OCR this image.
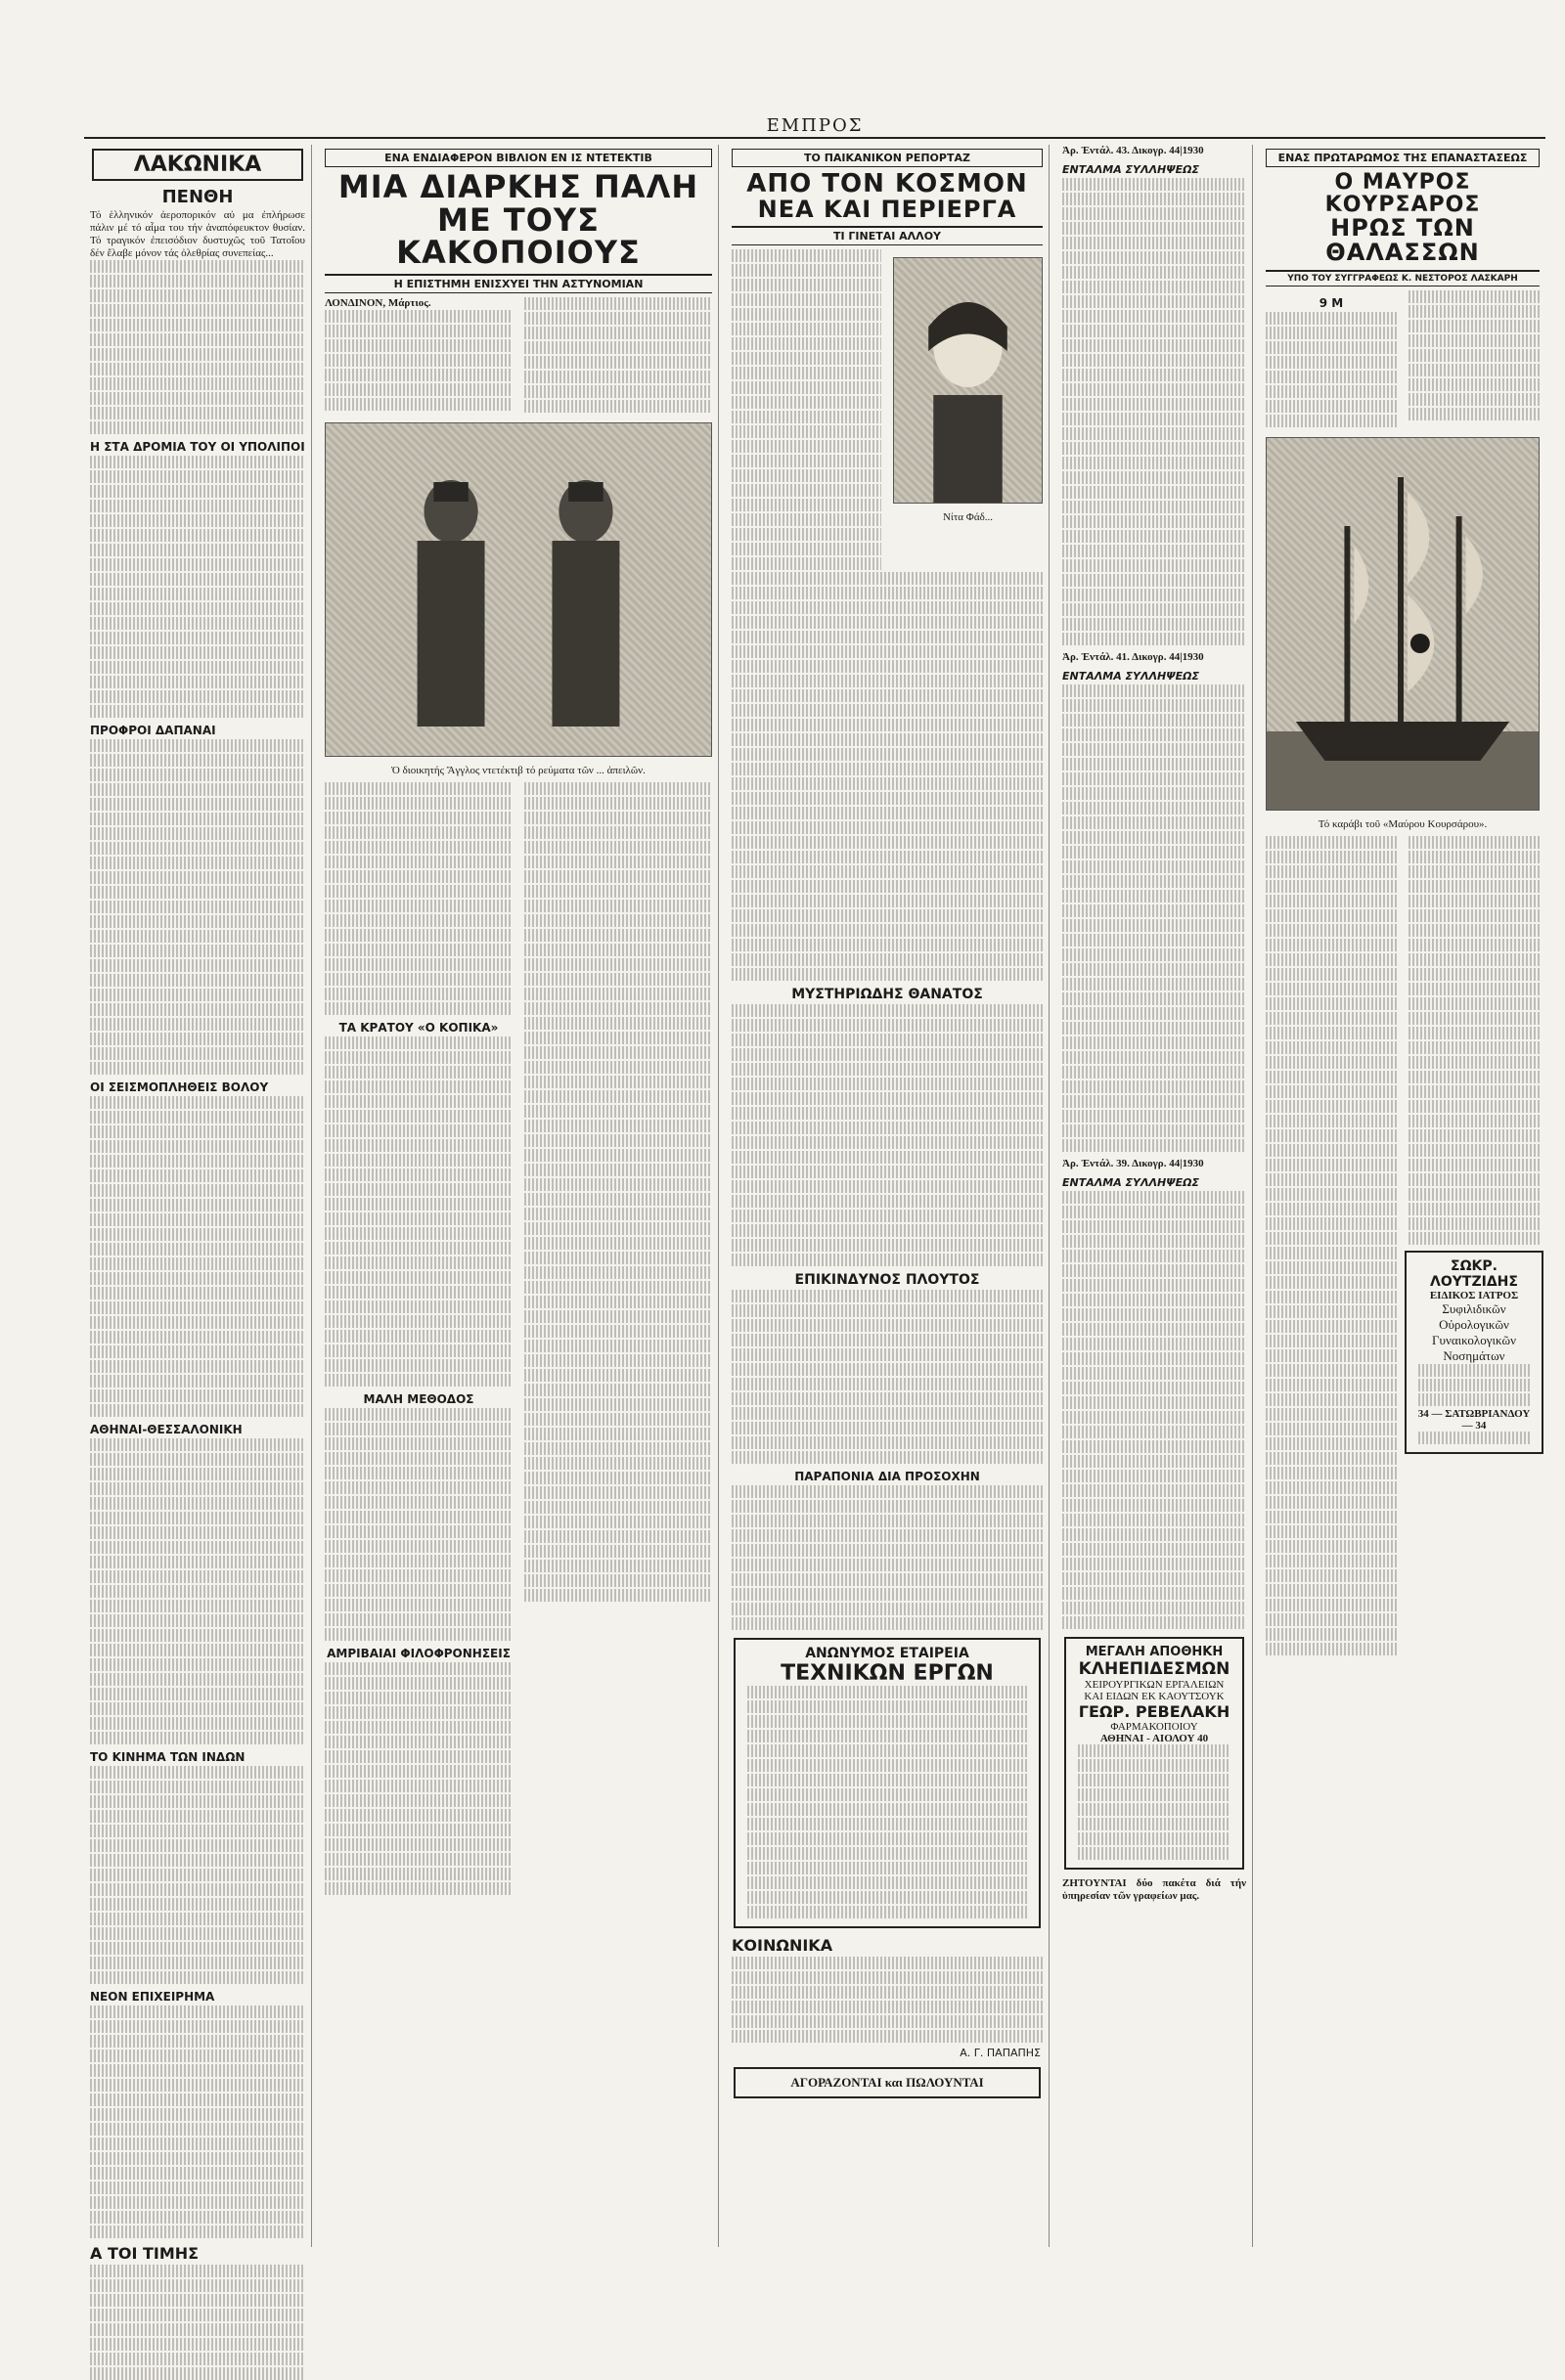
ΕΜΠΡΟΣ
ΛΑΚΩΝΙΚΑ
ΠΕΝΘΗ
Τό ἑλληνικόν ἀεροπορικόν αὐ μα ἐπλήρωσε πάλιν μέ τό αἷμα του τήν ἀναπόφευκτον θυσίαν. Τό τραγικόν ἐπεισόδιον δυστυχῶς τοῦ Τατοΐου δέν ἔλαβε μόνον τάς ὀλεθρίας συνεπείας...
Η ΣΤΑ ΔΡΟΜΙΑ ΤΟΥ ΟΙ ΥΠΟΛΙΠΟΙ
ΠΡΟΦΡΟΙ ΔΑΠΑΝΑΙ
ΟΙ ΣΕΙΣΜΟΠΛΗΘΕΙΣ ΒΟΛΟΥ
ΑΘΗΝΑΙ-ΘΕΣΣΑΛΟΝΙΚΗ
ΤΟ ΚΙΝΗΜΑ ΤΩΝ ΙΝΔΩΝ
ΝΕΟΝ ΕΠΙΧΕΙΡΗΜΑ
Α ΤΟΙ ΤΙΜΗΣ
ΕΝΑ ΕΝΔΙΑΦΕΡΟΝ ΒΙΒΛΙΟΝ ΕΝ ΙΣ ΝΤΕΤΕΚΤΙΒ
ΜΙΑ ΔΙΑΡΚΗΣ ΠΑΛΗ
ΜΕ ΤΟΥΣ ΚΑΚΟΠΟΙΟΥΣ
Η ΕΠΙΣΤΗΜΗ ΕΝΙΣΧΥΕΙ ΤΗΝ ΑΣΤΥΝΟΜΙΑΝ
ΛΟΝΔΙΝΟΝ, Μάρτιος.
Ὁ διοικητής Ἄγγλος ντετέκτιβ τό ρεύματα τῶν ... ἀπειλῶν.
ΤΑ ΚΡΑΤΟΥ «Ο ΚΟΠΙΚΑ»
ΜΑΛΗ ΜΕΘΟΔΟΣ
ΑΜΡΙΒΑΙΑΙ ΦΙΛΟΦΡΟΝΗΣΕΙΣ
ΤΟ ΠΑΙΚΑΝΙΚΟΝ ΡΕΠΟΡΤΑΖ
ΑΠΟ ΤΟΝ ΚΟΣΜΟΝ
ΝΕΑ ΚΑΙ ΠΕΡΙΕΡΓΑ
ΤΙ ΓΙΝΕΤΑΙ ΑΛΛΟΥ
Νίτα Φάδ...
ΜΥΣΤΗΡΙΩΔΗΣ ΘΑΝΑΤΟΣ
ΕΠΙΚΙΝΔΥΝΟΣ ΠΛΟΥΤΟΣ
ΠΑΡΑΠΟΝΙΑ ΔΙΑ ΠΡΟΣΟΧΗΝ
ΑΝΩΝΥΜΟΣ ΕΤΑΙΡΕΙΑ
ΤΕΧΝΙΚΩΝ ΕΡΓΩΝ
ΚΟΙΝΩΝΙΚΑ
Α. Γ. ΠΑΠΑΠΗΣ
ΑΓΟΡΑΖΟΝΤΑΙ και ΠΩΛΟΥΝΤΑΙ
Ἀρ. Ἐντάλ. 43. Δικογρ. 44|1930
ΕΝΤΑΛΜΑ ΣΥΛΛΗΨΕΩΣ
Ἀρ. Ἐντάλ. 41. Δικογρ. 44|1930
ΕΝΤΑΛΜΑ ΣΥΛΛΗΨΕΩΣ
Ἀρ. Ἐντάλ. 39. Δικογρ. 44|1930
ΕΝΤΑΛΜΑ ΣΥΛΛΗΨΕΩΣ
ΜΕΓΑΛΗ ΑΠΟΘΗΚΗ
ΚΛΗΕΠΙΔΕΣΜΩΝ
ΧΕΙΡΟΥΡΓΙΚΩΝ ΕΡΓΑΛΕΙΩΝ
ΚΑΙ ΕΙΔΩΝ ΕΚ ΚΑΟΥΤΣΟΥΚ
ΓΕΩΡ. ΡΕΒΕΛΑΚΗ
ΦΑΡΜΑΚΟΠΟΙΟΥ
ΑΘΗΝΑΙ - ΑΙΟΛΟΥ 40
ΖΗΤΟΥΝΤΑΙ δύο πακέτα διά τήν ὑπηρεσίαν τῶν γραφείων μας.
ΕΝΑΣ ΠΡΩΤΑΡΩΜΟΣ ΤΗΣ ΕΠΑΝΑΣΤΑΣΕΩΣ
Ο ΜΑΥΡΟΣ ΚΟΥΡΣΑΡΟΣ
ΗΡΩΣ ΤΩΝ ΘΑΛΑΣΣΩΝ
ΥΠΟ ΤΟΥ ΣΥΓΓΡΑΦΕΩΣ Κ. ΝΕΣΤΟΡΟΣ ΛΑΣΚΑΡΗ
9 Μ
Τό καράβι τοῦ «Μαύρου Κουρσάρου».
ΣΩΚΡ. ΛΟΥΤΖΙΔΗΣ
ΕΙΔΙΚΟΣ ΙΑΤΡΟΣ
Συφιλιδικῶν
Οὐρολογικῶν
Γυναικολογικῶν
Νοσημάτων
34 — ΣΑΤΩΒΡΙΑΝΔΟΥ — 34
